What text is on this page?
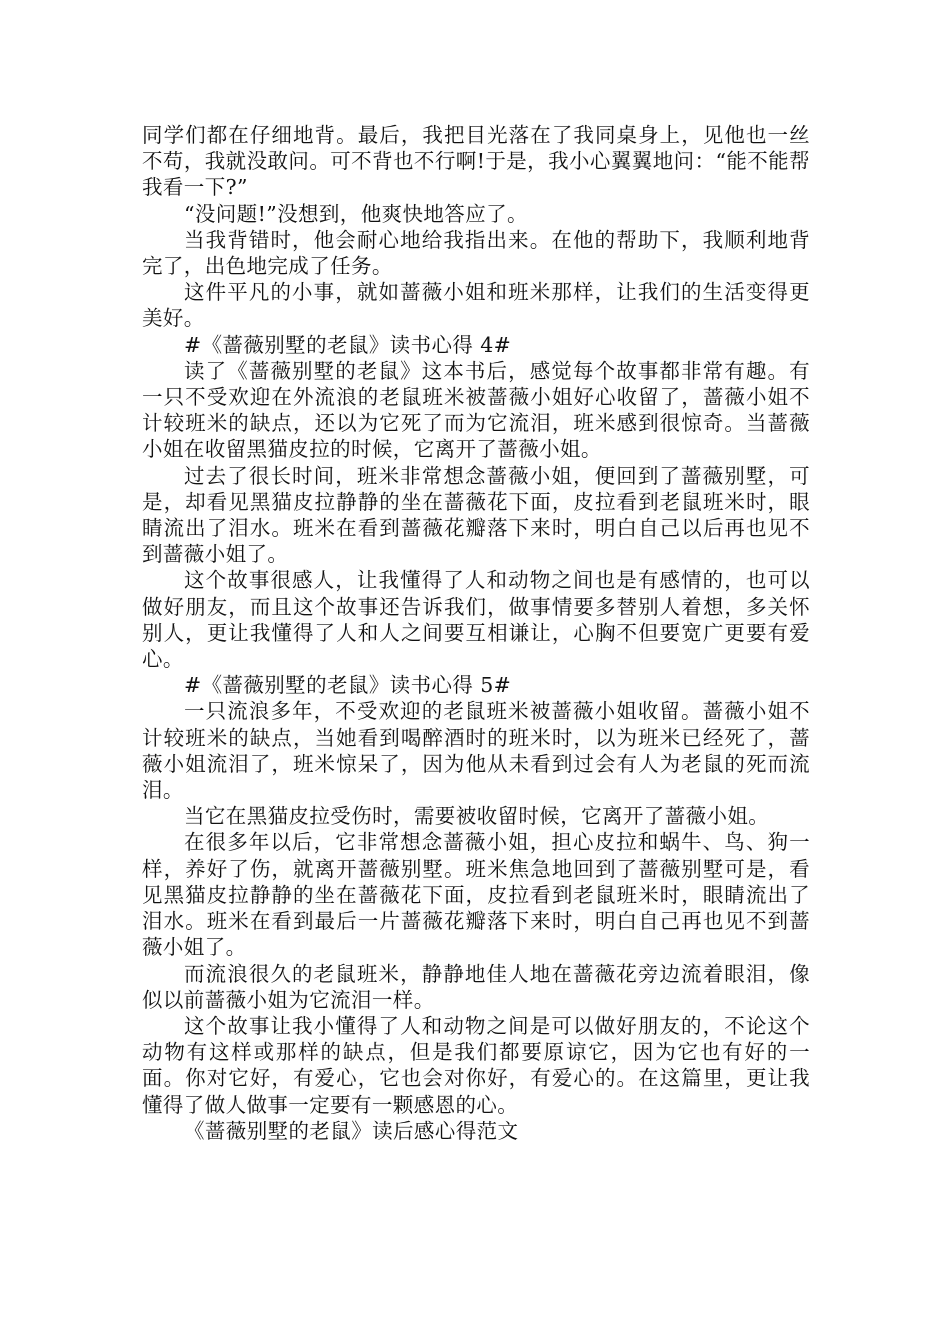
同学们都在仔细地背。最后，我把目光落在了我同桌身上，见他也一丝不苟，我就没敢问。可不背也不行啊!于是，我小心翼翼地问：“能不能帮我看一下?”

“没问题!”没想到，他爽快地答应了。

当我背错时，他会耐心地给我指出来。在他的帮助下，我顺利地背完了，出色地完成了任务。

这件平凡的小事，就如蔷薇小姐和班米那样，让我们的生活变得更美好。

#《蔷薇别墅的老鼠》读书心得 4#

读了《蔷薇别墅的老鼠》这本书后，感觉每个故事都非常有趣。有一只不受欢迎在外流浪的老鼠班米被蔷薇小姐好心收留了，蔷薇小姐不计较班米的缺点，还以为它死了而为它流泪，班米感到很惊奇。当蔷薇小姐在收留黑猫皮拉的时候，它离开了蔷薇小姐。

过去了很长时间，班米非常想念蔷薇小姐，便回到了蔷薇别墅，可是，却看见黑猫皮拉静静的坐在蔷薇花下面，皮拉看到老鼠班米时，眼睛流出了泪水。班米在看到蔷薇花瓣落下来时，明白自己以后再也见不到蔷薇小姐了。

这个故事很感人，让我懂得了人和动物之间也是有感情的，也可以做好朋友，而且这个故事还告诉我们，做事情要多替别人着想，多关怀别人，更让我懂得了人和人之间要互相谦让，心胸不但要宽广更要有爱心。

#《蔷薇别墅的老鼠》读书心得 5#

一只流浪多年，不受欢迎的老鼠班米被蔷薇小姐收留。蔷薇小姐不计较班米的缺点，当她看到喝醉酒时的班米时，以为班米已经死了，蔷薇小姐流泪了，班米惊呆了，因为他从未看到过会有人为老鼠的死而流泪。

当它在黑猫皮拉受伤时，需要被收留时候，它离开了蔷薇小姐。

在很多年以后，它非常想念蔷薇小姐，担心皮拉和蜗牛、鸟、狗一样，养好了伤，就离开蔷薇别墅。班米焦急地回到了蔷薇别墅可是，看见黑猫皮拉静静的坐在蔷薇花下面，皮拉看到老鼠班米时，眼睛流出了泪水。班米在看到最后一片蔷薇花瓣落下来时，明白自己再也见不到蔷薇小姐了。

而流浪很久的老鼠班米，静静地佳人地在蔷薇花旁边流着眼泪，像似以前蔷薇小姐为它流泪一样。

这个故事让我小懂得了人和动物之间是可以做好朋友的，不论这个动物有这样或那样的缺点，但是我们都要原谅它，因为它也有好的一面。你对它好，有爱心，它也会对你好，有爱心的。在这篇里，更让我懂得了做人做事一定要有一颗感恩的心。

《蔷薇别墅的老鼠》读后感心得范文
